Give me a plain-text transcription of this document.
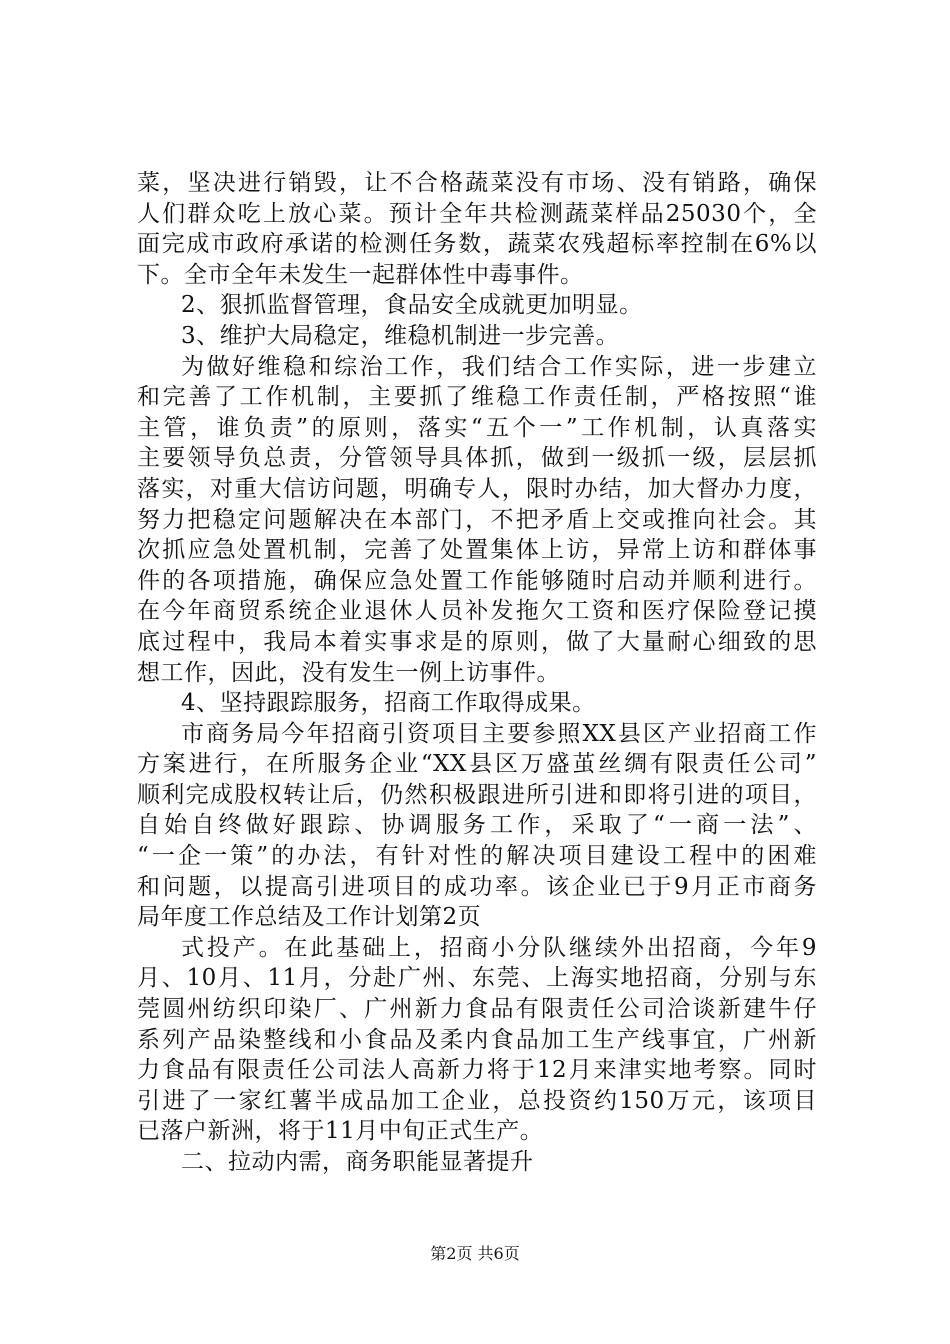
菜，坚决进行销毁，让不合格蔬菜没有市场、没有销路，确保
人们群众吃上放心菜。预计全年共检测蔬菜样品25030个，全
面完成市政府承诺的检测任务数，蔬菜农残超标率控制在6%以
下。全市全年未发生一起群体性中毒事件。
2、狠抓监督管理，食品安全成就更加明显。
3、维护大局稳定，维稳机制进一步完善。
为做好维稳和综治工作，我们结合工作实际，进一步建立
和完善了工作机制，主要抓了维稳工作责任制，严格按照“谁
主管，谁负责”的原则，落实“五个一”工作机制，认真落实
主要领导负总责，分管领导具体抓，做到一级抓一级，层层抓
落实，对重大信访问题，明确专人，限时办结，加大督办力度，
努力把稳定问题解决在本部门，不把矛盾上交或推向社会。其
次抓应急处置机制，完善了处置集体上访，异常上访和群体事
件的各项措施，确保应急处置工作能够随时启动并顺利进行。
在今年商贸系统企业退休人员补发拖欠工资和医疗保险登记摸
底过程中，我局本着实事求是的原则，做了大量耐心细致的思
想工作，因此，没有发生一例上访事件。
4、坚持跟踪服务，招商工作取得成果。
市商务局今年招商引资项目主要参照XX县区产业招商工作
方案进行，在所服务企业“XX县区万盛茧丝绸有限责任公司”
顺利完成股权转让后，仍然积极跟进所引进和即将引进的项目，
自始自终做好跟踪、协调服务工作，采取了“一商一法”、
“一企一策”的办法，有针对性的解决项目建设工程中的困难
和问题，以提高引进项目的成功率。该企业已于9月正市商务
局年度工作总结及工作计划第2页
式投产。在此基础上，招商小分队继续外出招商，今年9
月、10月、11月，分赴广州、东莞、上海实地招商，分别与东
莞圆州纺织印染厂、广州新力食品有限责任公司洽谈新建牛仔
系列产品染整线和小食品及柔内食品加工生产线事宜，广州新
力食品有限责任公司法人高新力将于12月来津实地考察。同时
引进了一家红薯半成品加工企业，总投资约150万元，该项目
已落户新洲，将于11月中旬正式生产。
二、拉动内需，商务职能显著提升
第2页 共6页
